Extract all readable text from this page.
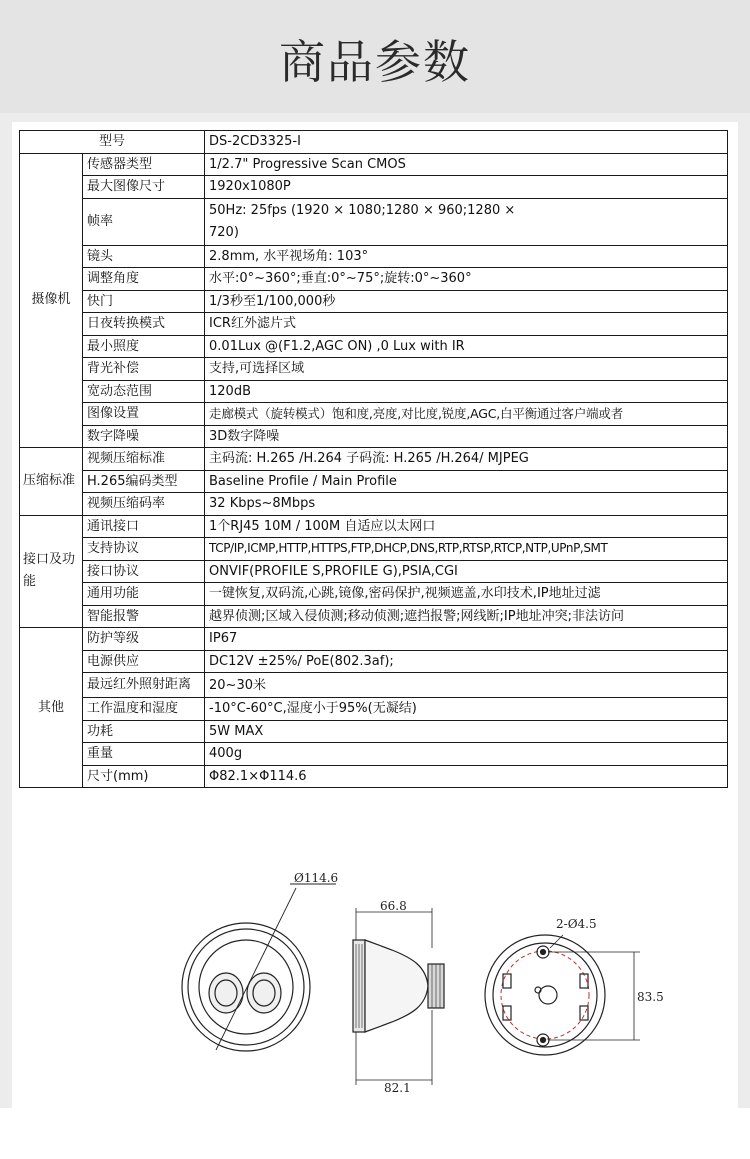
商品参数
型号		DS-2CD3325-I
摄像机	传感器类型	1/2.7" Progressive Scan CMOS
	最大图像尺寸	1920x1080P
	帧率	50Hz: 25fps (1920 × 1080;1280 × 960;1280 × 720)
	镜头	2.8mm, 水平视场角: 103°
	调整角度	水平:0°~360°;垂直:0°~75°;旋转:0°~360°
	快门	1/3秒至1/100,000秒
	日夜转换模式	ICR红外滤片式
	最小照度	0.01Lux @(F1.2,AGC ON) ,0 Lux with IR
	背光补偿	支持,可选择区域
	宽动态范围	120dB
	图像设置	走廊模式（旋转模式）饱和度,亮度,对比度,锐度,AGC,白平衡通过客户端或者
	数字降噪	3D数字降噪
压缩标准	视频压缩标准	主码流: H.265 /H.264 子码流: H.265 /H.264/ MJPEG
	H.265编码类型	Baseline Profile / Main Profile
	视频压缩码率	32 Kbps~8Mbps
接口及功能	通讯接口	1个RJ45 10M / 100M 自适应以太网口
	支持协议	TCP/IP,ICMP,HTTP,HTTPS,FTP,DHCP,DNS,RTP,RTSP,RTCP,NTP,UPnP,SMT
	接口协议	ONVIF(PROFILE S,PROFILE G),PSIA,CGI
	通用功能	一键恢复,双码流,心跳,镜像,密码保护,视频遮盖,水印技术,IP地址过滤
	智能报警	越界侦测;区域入侵侦测;移动侦测;遮挡报警;网线断;IP地址冲突;非法访问
其他	防护等级	IP67
	电源供应	DC12V ±25%/ PoE(802.3af);
	最远红外照射距离	20~30米
	工作温度和湿度	-10°C-60°C,湿度小于95%(无凝结)
	功耗	5W MAX
	重量	400g
	尺寸(mm)	Φ82.1×Φ114.6
Ø114.6
66.8
82.1
2-Ø4.5
83.5
